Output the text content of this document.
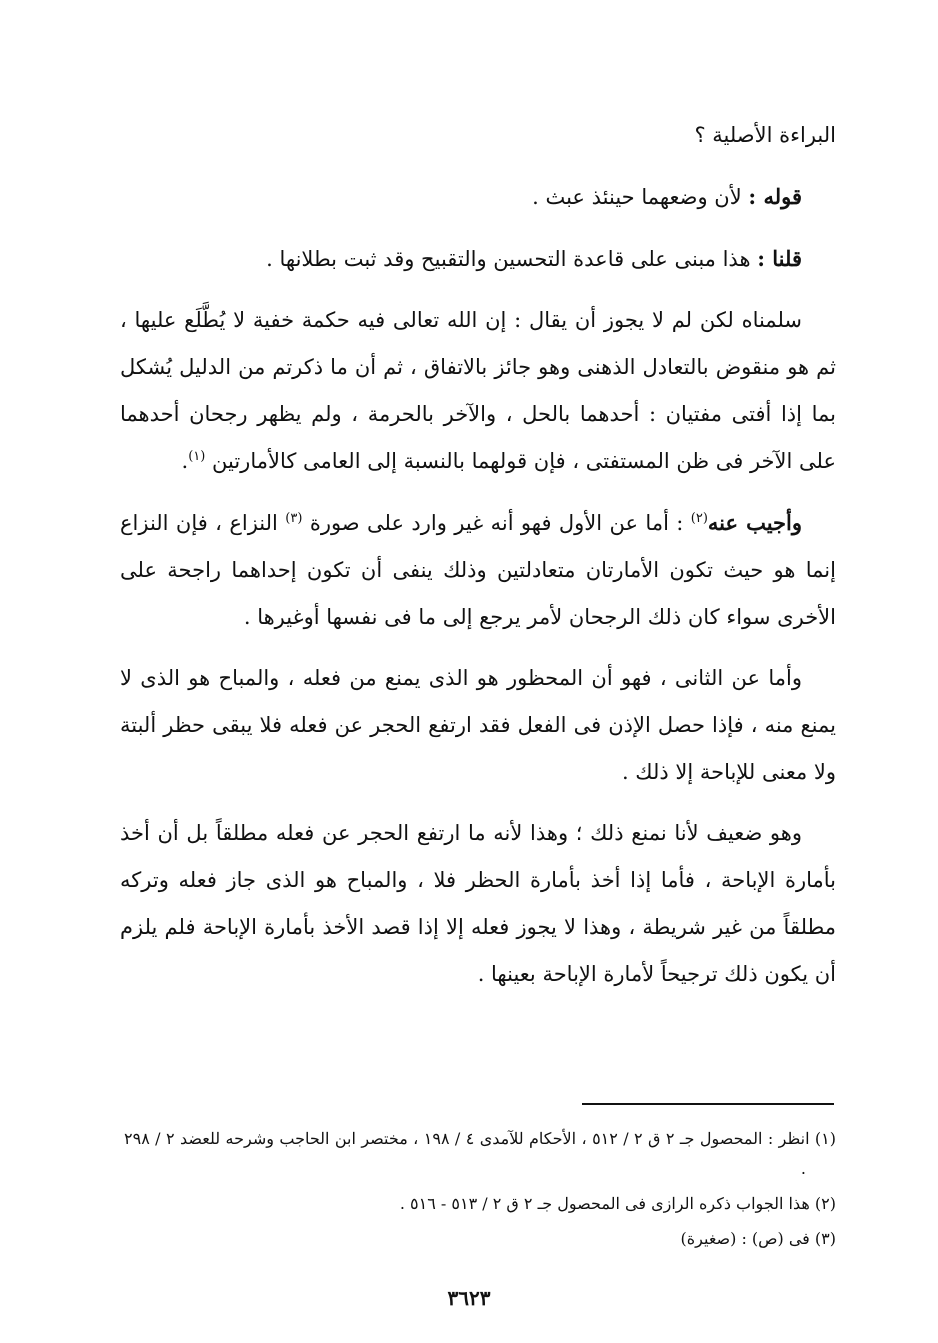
البراءة الأصلية ؟

قوله : لأن وضعهما حينئذ عبث .

قلنا : هذا مبنى على قاعدة التحسين والتقبيح وقد ثبت بطلانها .

سلمناه لكن لم لا يجوز أن يقال : إن الله تعالى فيه حكمة خفية لا يُطَّلَع عليها ، ثم هو منقوض بالتعادل الذهنى وهو جائز بالاتفاق ، ثم أن ما ذكرتم من الدليل يُشكل بما إذا أفتى مفتيان : أحدهما بالحل ، والآخر بالحرمة ، ولم يظهر رجحان أحدهما على الآخر فى ظن المستفتى ، فإن قولهما بالنسبة إلى العامى كالأمارتين $^{(١)}$.

وأجيب عنه$^{(٢)}$ : أما عن الأول فهو أنه غير وارد على صورة $^{(٣)}$ النزاع ، فإن النزاع إنما هو حيث تكون الأمارتان متعادلتين وذلك ينفى أن تكون إحداهما راجحة على الأخرى سواء كان ذلك الرجحان لأمر يرجع إلى ما فى نفسها أوغيرها .

وأما عن الثانى ، فهو أن المحظور هو الذى يمنع من فعله ، والمباح هو الذى لا يمنع منه ، فإذا حصل الإذن فى الفعل فقد ارتفع الحجر عن فعله فلا يبقى حظر ألبتة ولا معنى للإباحة إلا ذلك .

وهو ضعيف لأنا نمنع ذلك ؛ وهذا لأنه ما ارتفع الحجر عن فعله مطلقاً بل أن أخذ بأمارة الإباحة ، فأما إذا أخذ بأمارة الحظر فلا ، والمباح هو الذى جاز فعله وتركه مطلقاً من غير شريطة ، وهذا لا يجوز فعله إلا إذا قصد الأخذ بأمارة الإباحة فلم يلزم أن يكون ذلك ترجيحاً لأمارة الإباحة بعينها .

(١) انظر : المحصول جـ ٢ ق ٢ / ٥١٢ ، الأحكام للآمدى ٤ / ١٩٨ ، مختصر ابن الحاجب وشرحه للعضد ٢ / ٢٩٨ .

(٢) هذا الجواب ذكره الرازى فى المحصول جـ ٢ ق ٢ / ٥١٣ - ٥١٦ .

(٣) فى (ص) : (صغيرة)

٣٦٢٣
